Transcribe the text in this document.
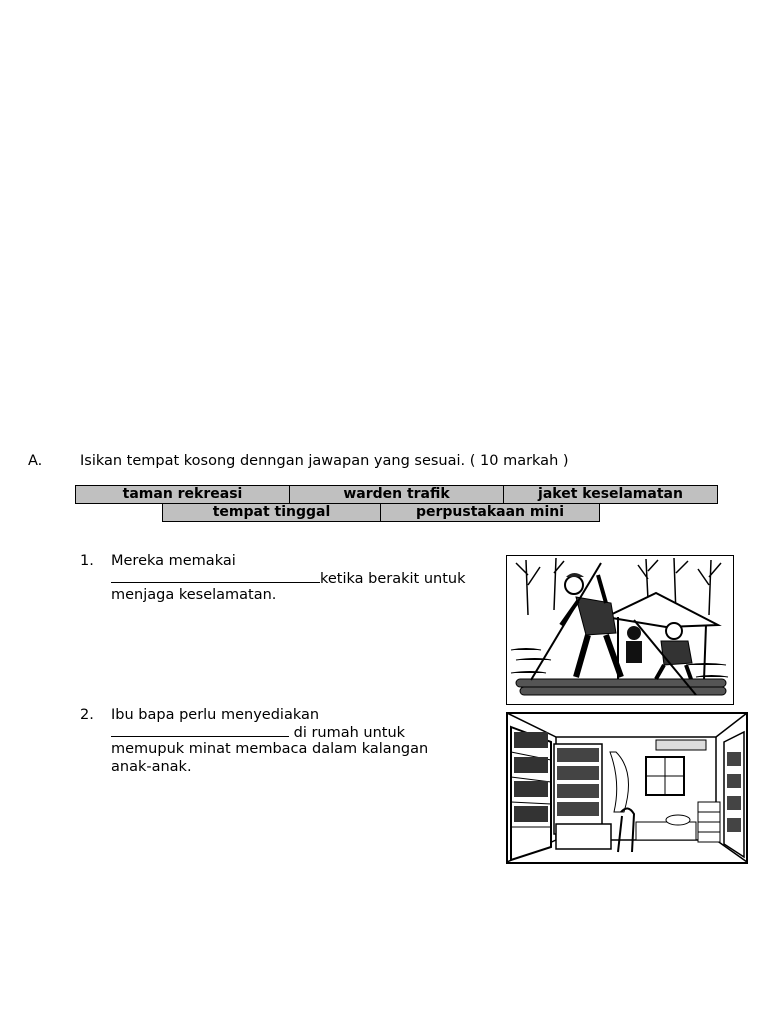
A.	Isikan tempat kosong denngan jawapan yang sesuai. ( 10 markah )
taman rekreasi	warden trafik	jaket keselamatan
tempat tinggal	perpustakaan mini
1. Mereka memakai
ketika berakit untuk
menjaga keselamatan.
2. Ibu bapa perlu menyediakan
di rumah untuk
memupuk minat membaca dalam kalangan
anak-anak.
